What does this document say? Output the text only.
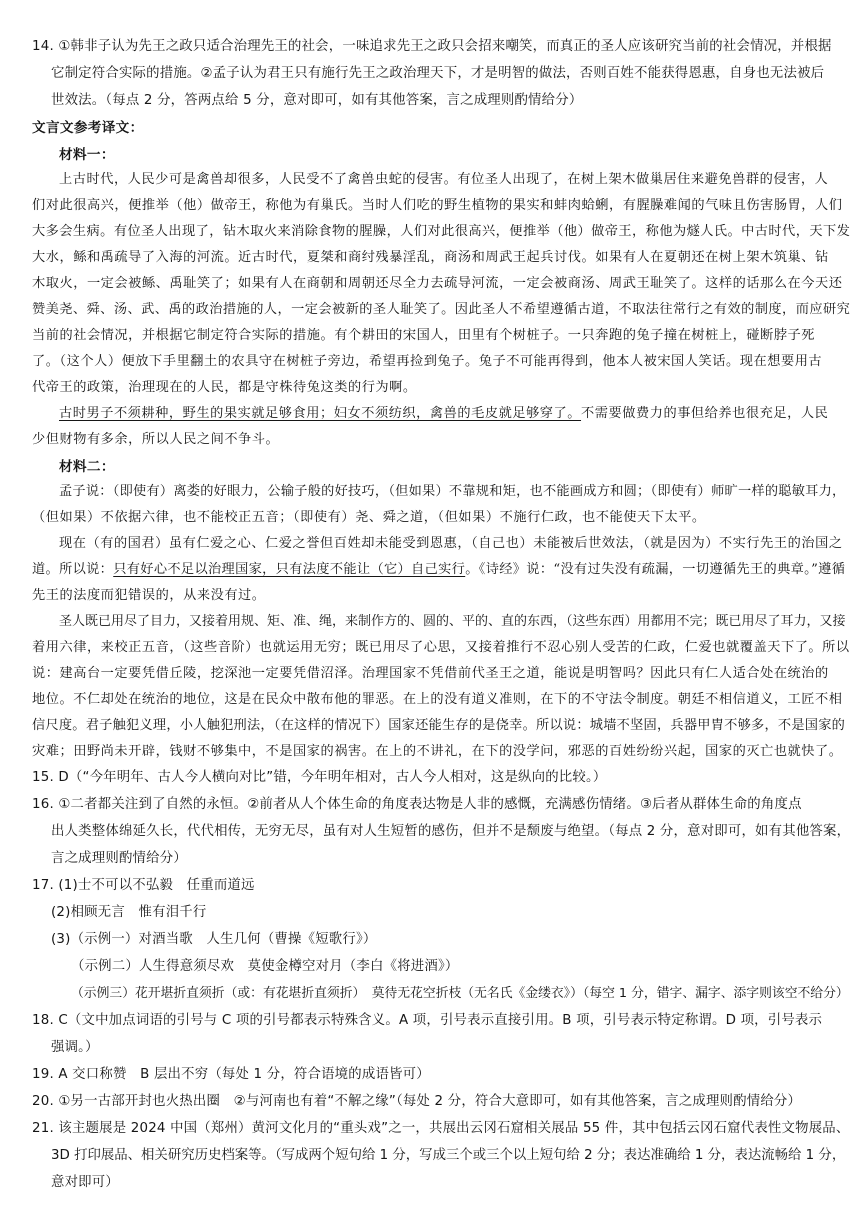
14. ①韩非子认为先王之政只适合治理先王的社会，一味追求先王之政只会招来嘲笑，而真正的圣人应该研究当前的社会情况，并根据
它制定符合实际的措施。②孟子认为君王只有施行先王之政治理天下，才是明智的做法，否则百姓不能获得恩惠，自身也无法被后
世效法。（每点 2 分，答两点给 5 分，意对即可，如有其他答案，言之成理则酌情给分）
文言文参考译文：
材料一：
上古时代，人民少可是禽兽却很多，人民受不了禽兽虫蛇的侵害。有位圣人出现了，在树上架木做巢居住来避免兽群的侵害，人
们对此很高兴，便推举（他）做帝王，称他为有巢氏。当时人们吃的野生植物的果实和蚌肉蛤蜊，有腥臊难闻的气味且伤害肠胃，人们
大多会生病。有位圣人出现了，钻木取火来消除食物的腥臊，人们对此很高兴，便推举（他）做帝王，称他为燧人氏。中古时代，天下发
大水，鲧和禹疏导了入海的河流。近古时代，夏桀和商纣残暴淫乱，商汤和周武王起兵讨伐。如果有人在夏朝还在树上架木筑巢、钻
木取火，一定会被鲧、禹耻笑了；如果有人在商朝和周朝还尽全力去疏导河流，一定会被商汤、周武王耻笑了。这样的话那么在今天还
赞美尧、舜、汤、武、禹的政治措施的人，一定会被新的圣人耻笑了。因此圣人不希望遵循古道，不取法往常行之有效的制度，而应研究
当前的社会情况，并根据它制定符合实际的措施。有个耕田的宋国人，田里有个树桩子。一只奔跑的兔子撞在树桩上，碰断脖子死
了。（这个人）便放下手里翻土的农具守在树桩子旁边，希望再捡到兔子。兔子不可能再得到，他本人被宋国人笑话。现在想要用古
代帝王的政策，治理现在的人民，都是守株待兔这类的行为啊。
古时男子不须耕种，野生的果实就足够食用；妇女不须纺织，禽兽的毛皮就足够穿了。不需要做费力的事但给养也很充足，人民
少但财物有多余，所以人民之间不争斗。
材料二：
孟子说：（即使有）离娄的好眼力，公输子般的好技巧，（但如果）不靠规和矩，也不能画成方和圆；（即使有）师旷一样的聪敏耳力，
（但如果）不依据六律，也不能校正五音；（即使有）尧、舜之道，（但如果）不施行仁政，也不能使天下太平。
现在（有的国君）虽有仁爱之心、仁爱之誉但百姓却未能受到恩惠，（自己也）未能被后世效法，（就是因为）不实行先王的治国之
道。所以说：只有好心不足以治理国家，只有法度不能让（它）自己实行。《诗经》说：“没有过失没有疏漏，一切遵循先王的典章。”遵循
先王的法度而犯错误的，从来没有过。
圣人既已用尽了目力，又接着用规、矩、准、绳，来制作方的、圆的、平的、直的东西，（这些东西）用都用不完；既已用尽了耳力，又接
着用六律，来校正五音，（这些音阶）也就运用无穷；既已用尽了心思，又接着推行不忍心别人受苦的仁政，仁爱也就覆盖天下了。所以
说：建高台一定要凭借丘陵，挖深池一定要凭借沼泽。治理国家不凭借前代圣王之道，能说是明智吗？因此只有仁人适合处在统治的
地位。不仁却处在统治的地位，这是在民众中散布他的罪恶。在上的没有道义准则，在下的不守法令制度。朝廷不相信道义，工匠不相
信尺度。君子触犯义理，小人触犯刑法，（在这样的情况下）国家还能生存的是侥幸。所以说：城墙不坚固，兵器甲胄不够多，不是国家的
灾难；田野尚未开辟，钱财不够集中，不是国家的祸害。在上的不讲礼，在下的没学问，邪恶的百姓纷纷兴起，国家的灭亡也就快了。
15. D（“今年明年、古人今人横向对比”错，今年明年相对，古人今人相对，这是纵向的比较。）
16. ①二者都关注到了自然的永恒。②前者从人个体生命的角度表达物是人非的感慨，充满感伤情绪。③后者从群体生命的角度点
出人类整体绵延久长，代代相传，无穷无尽，虽有对人生短暂的感伤，但并不是颓废与绝望。（每点 2 分，意对即可，如有其他答案，
言之成理则酌情给分）
17. (1)士不可以不弘毅　任重而道远
(2)相顾无言　惟有泪千行
(3)（示例一）对酒当歌　人生几何（曹操《短歌行》）
（示例二）人生得意须尽欢　莫使金樽空对月（李白《将进酒》）
（示例三）花开堪折直须折（或：有花堪折直须折）　莫待无花空折枝（无名氏《金缕衣》）（每空 1 分，错字、漏字、添字则该空不给分）
18. C（文中加点词语的引号与 C 项的引号都表示特殊含义。A 项，引号表示直接引用。B 项，引号表示特定称谓。D 项，引号表示
强调。）
19. A 交口称赞　B 层出不穷（每处 1 分，符合语境的成语皆可）
20. ①另一古部开封也火热出圈　②与河南也有着“不解之缘”（每处 2 分，符合大意即可，如有其他答案，言之成理则酌情给分）
21. 该主题展是 2024 中国（郑州）黄河文化月的“重头戏”之一，共展出云冈石窟相关展品 55 件，其中包括云冈石窟代表性文物展品、
3D 打印展品、相关研究历史档案等。（写成两个短句给 1 分，写成三个或三个以上短句给 2 分；表达准确给 1 分，表达流畅给 1 分，
意对即可）
